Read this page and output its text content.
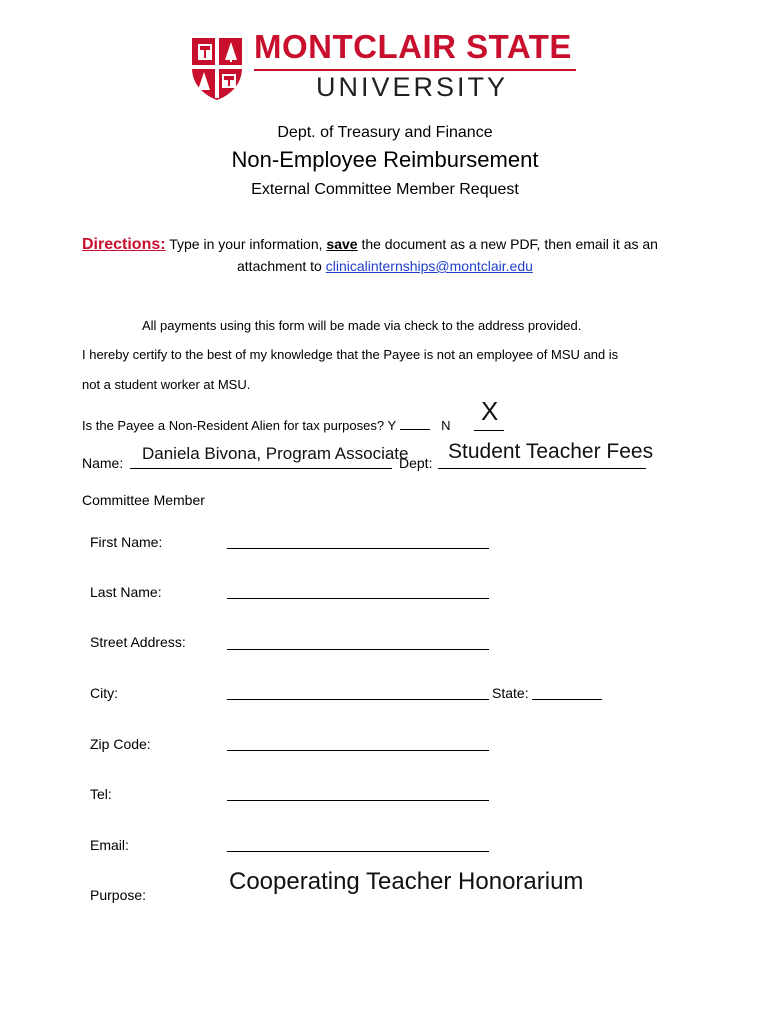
MONTCLAIR STATE
UNIVERSITY
Dept. of Treasury and Finance
Non-Employee Reimbursement
External Committee Member Request
Directions: Type in your information, save the document as a new PDF, then email it as an
attachment to clinicalinternships@montclair.edu
All payments using this form will be made via check to the address provided.
I hereby certify to the best of my knowledge that the Payee is not an employee of MSU and is
not a student worker at MSU.
Is the Payee a Non-Resident Alien for tax purposes? Y	N X
Name: Daniela Bivona, Program Associate
Dept: Student Teacher Fees
Committee Member
First Name:
Last Name:
Street Address:
City:	State:
Zip Code:
Tel:
Email:
Purpose:	Cooperating Teacher Honorarium
